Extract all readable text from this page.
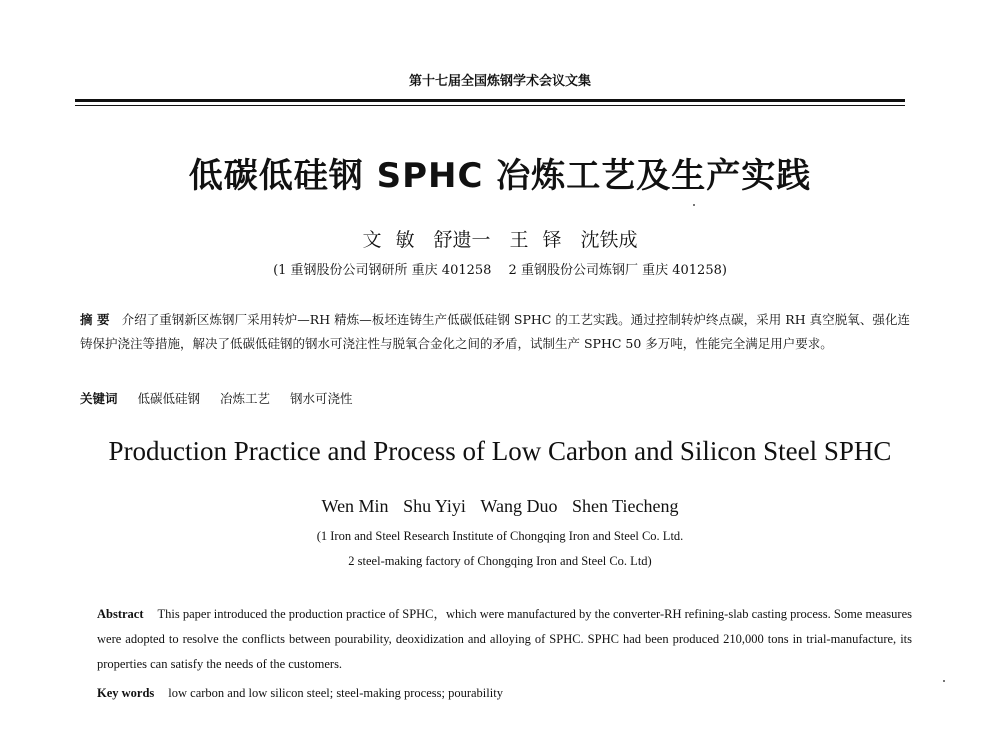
第十七届全国炼钢学术会议文集
低碳低硅钢 SPHC 冶炼工艺及生产实践
文 敏　舒遗一　王 铎　沈铁成
(1 重钢股份公司钢研所 重庆 401258　 2 重钢股份公司炼钢厂 重庆 401258)
摘 要 介绍了重钢新区炼钢厂采用转炉—RH 精炼—板坯连铸生产低碳低硅钢 SPHC 的工艺实践。通过控制转炉终点碳，采用 RH 真空脱氧、强化连铸保护浇注等措施，解决了低碳低硅钢的钢水可浇注性与脱氧合金化之间的矛盾，试制生产 SPHC 50 多万吨，性能完全满足用户要求。
关键词 低碳低硅钢 冶炼工艺 钢水可浇性
Production Practice and Process of Low Carbon and Silicon Steel SPHC
Wen Min Shu Yiyi Wang Duo Shen Tiecheng
(1 Iron and Steel Research Institute of Chongqing Iron and Steel Co. Ltd.
2 steel-making factory of Chongqing Iron and Steel Co. Ltd)
Abstract This paper introduced the production practice of SPHC，which were manufactured by the converter-RH refining-slab casting process. Some measures were adopted to resolve the conflicts between pourability, deoxidization and alloying of SPHC. SPHC had been produced 210,000 tons in trial-manufacture, its properties can satisfy the needs of the customers.
Key words low carbon and low silicon steel; steel-making process; pourability
